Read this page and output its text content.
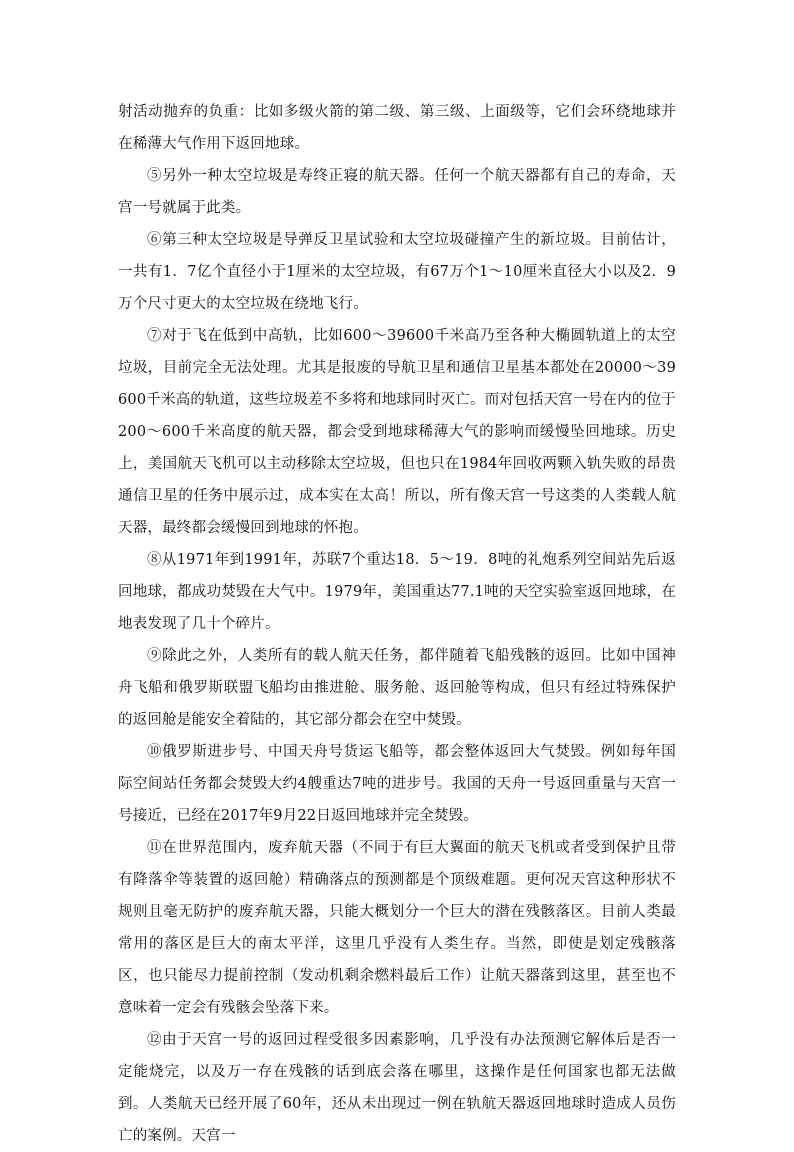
射活动抛弃的负重：比如多级火箭的第二级、第三级、上面级等，它们会环绕地球并在稀薄大气作用下返回地球。

⑤另外一种太空垃圾是寿终正寝的航天器。任何一个航天器都有自己的寿命，天宫一号就属于此类。

⑥第三种太空垃圾是导弹反卫星试验和太空垃圾碰撞产生的新垃圾。目前估计，一共有1．7亿个直径小于1厘米的太空垃圾，有67万个1～10厘米直径大小以及2．9万个尺寸更大的太空垃圾在绕地飞行。

⑦对于飞在低到中高轨，比如600～39600千米高乃至各种大椭圆轨道上的太空垃圾，目前完全无法处理。尤其是报废的导航卫星和通信卫星基本都处在20000～39600千米高的轨道，这些垃圾差不多将和地球同时灭亡。而对包括天宫一号在内的位于200～600千米高度的航天器，都会受到地球稀薄大气的影响而缓慢坠回地球。历史上，美国航天飞机可以主动移除太空垃圾，但也只在1984年回收两颗入轨失败的昂贵通信卫星的任务中展示过，成本实在太高！所以，所有像天宫一号这类的人类载人航天器，最终都会缓慢回到地球的怀抱。

⑧从1971年到1991年，苏联7个重达18．5～19．8吨的礼炮系列空间站先后返回地球，都成功焚毁在大气中。1979年，美国重达77.1吨的天空实验室返回地球，在地表发现了几十个碎片。

⑨除此之外，人类所有的载人航天任务，都伴随着飞船残骸的返回。比如中国神舟飞船和俄罗斯联盟飞船均由推进舱、服务舱、返回舱等构成，但只有经过特殊保护的返回舱是能安全着陆的，其它部分都会在空中焚毁。

⑩俄罗斯进步号、中国天舟号货运飞船等，都会整体返回大气焚毁。例如每年国际空间站任务都会焚毁大约4艘重达7吨的进步号。我国的天舟一号返回重量与天宫一号接近，已经在2017年9月22日返回地球并完全焚毁。

⑪在世界范围内，废弃航天器（不同于有巨大翼面的航天飞机或者受到保护且带有降落伞等装置的返回舱）精确落点的预测都是个顶级难题。更何况天宫这种形状不规则且毫无防护的废弃航天器，只能大概划分一个巨大的潜在残骸落区。目前人类最常用的落区是巨大的南太平洋，这里几乎没有人类生存。当然，即使是划定残骸落区，也只能尽力提前控制（发动机剩余燃料最后工作）让航天器落到这里，甚至也不意味着一定会有残骸会坠落下来。

⑫由于天宫一号的返回过程受很多因素影响，几乎没有办法预测它解体后是否一定能烧完，以及万一存在残骸的话到底会落在哪里，这操作是任何国家也都无法做到。人类航天已经开展了60年，还从未出现过一例在轨航天器返回地球时造成人员伤亡的案例。天宫一
